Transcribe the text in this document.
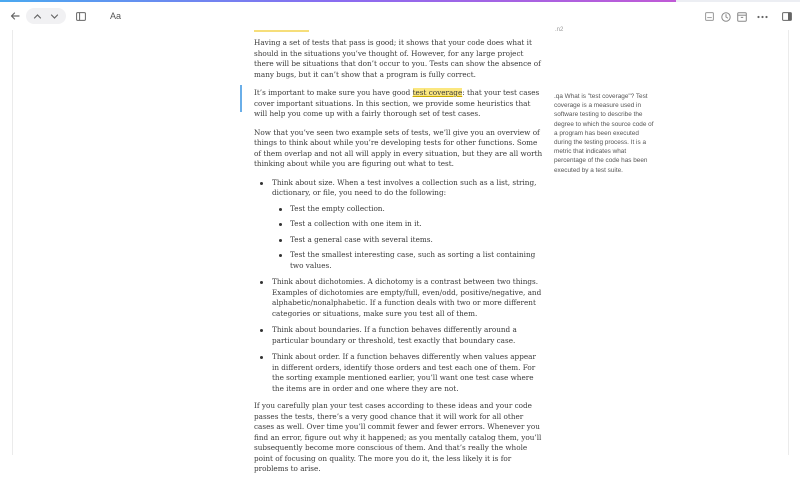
Aa
.n2

Having a set of tests that pass is good; it shows that your code does what it should in the situations you’ve thought of. However, for any large project there will be situations that don’t occur to you. Tests can show the absence of many bugs, but it can’t show that a program is fully correct.

It’s important to make sure you have good test coverage: that your test cases cover important situations. In this section, we provide some heuristics that will help you come up with a fairly thorough set of test cases.

Now that you’ve seen two example sets of tests, we’ll give you an overview of things to think about while you’re developing tests for other functions. Some of them overlap and not all will apply in every situation, but they are all worth thinking about while you are figuring out what to test.

Think about size. When a test involves a collection such as a list, string, dictionary, or file, you need to do the following:
Test the empty collection.
Test a collection with one item in it.
Test a general case with several items.
Test the smallest interesting case, such as sorting a list containing two values.
Think about dichotomies. A dichotomy is a contrast between two things. Examples of dichotomies are empty/full, even/odd, positive/negative, and alphabetic/nonalphabetic. If a function deals with two or more different categories or situations, make sure you test all of them.
Think about boundaries. If a function behaves differently around a particular boundary or threshold, test exactly that boundary case.
Think about order. If a function behaves differently when values appear in different orders, identify those orders and test each one of them. For the sorting example mentioned earlier, you’ll want one test case where the items are in order and one where they are not.

If you carefully plan your test cases according to these ideas and your code passes the tests, there’s a very good chance that it will work for all other cases as well. Over time you’ll commit fewer and fewer errors. Whenever you find an error, figure out why it happened; as you mentally catalog them, you’ll subsequently become more conscious of them. And that’s really the whole point of focusing on quality. The more you do it, the less likely it is for problems to arise.

.qa What is "test coverage"? Test coverage is a measure used in software testing to describe the degree to which the source code of a program has been executed during the testing process. It is a metric that indicates what percentage of the code has been executed by a test suite.
